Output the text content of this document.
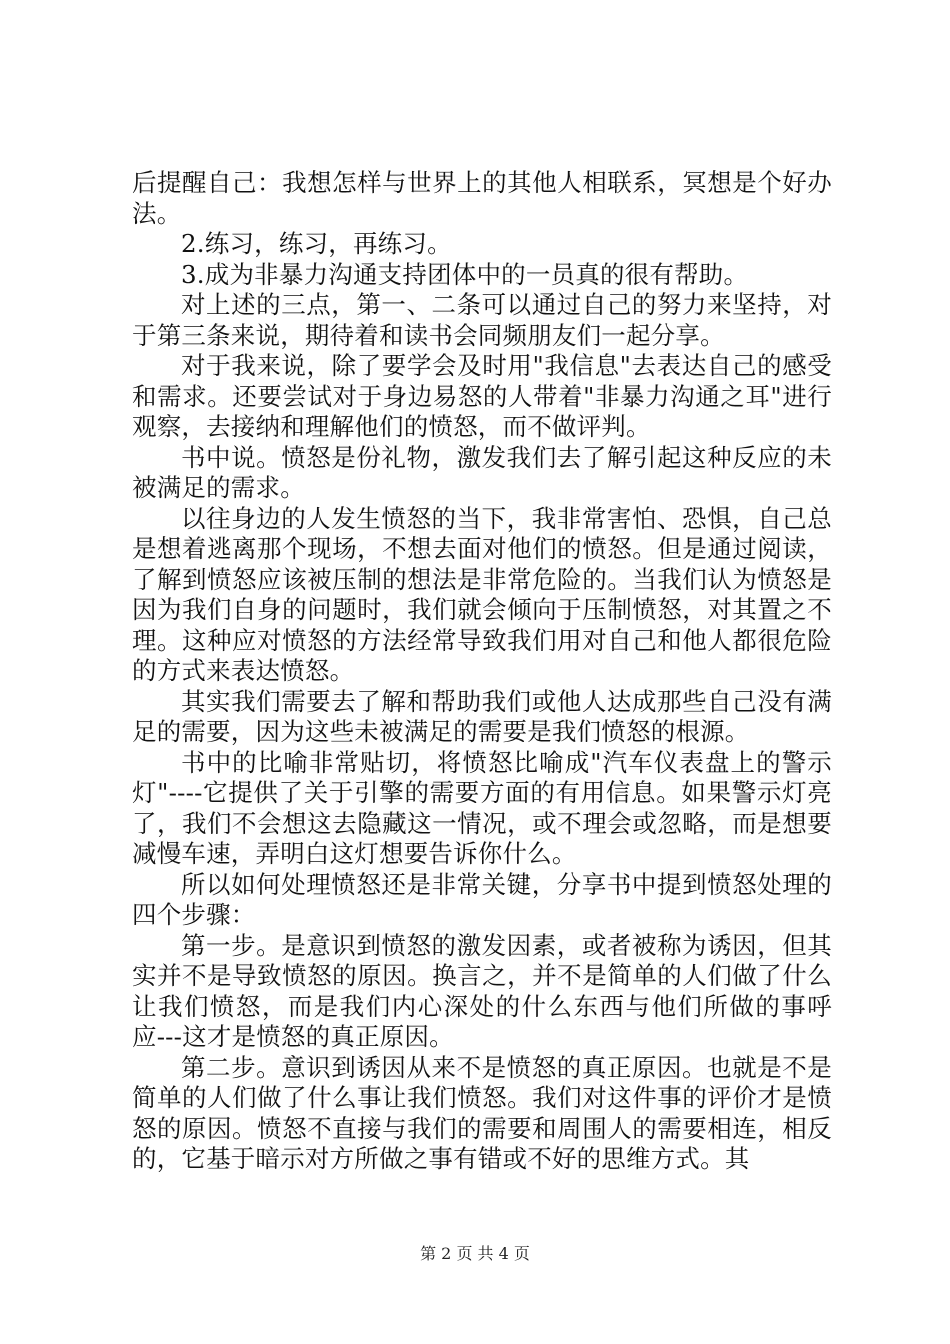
后提醒自己：我想怎样与世界上的其他人相联系，冥想是个好办法。

2.练习，练习，再练习。

3.成为非暴力沟通支持团体中的一员真的很有帮助。

对上述的三点，第一、二条可以通过自己的努力来坚持，对于第三条来说，期待着和读书会同频朋友们一起分享。

对于我来说，除了要学会及时用"我信息"去表达自己的感受和需求。还要尝试对于身边易怒的人带着"非暴力沟通之耳"进行观察，去接纳和理解他们的愤怒，而不做评判。

书中说。愤怒是份礼物，激发我们去了解引起这种反应的未被满足的需求。

以往身边的人发生愤怒的当下，我非常害怕、恐惧，自己总是想着逃离那个现场，不想去面对他们的愤怒。但是通过阅读，了解到愤怒应该被压制的想法是非常危险的。当我们认为愤怒是因为我们自身的问题时，我们就会倾向于压制愤怒，对其置之不理。这种应对愤怒的方法经常导致我们用对自己和他人都很危险的方式来表达愤怒。

其实我们需要去了解和帮助我们或他人达成那些自己没有满足的需要，因为这些未被满足的需要是我们愤怒的根源。

书中的比喻非常贴切，将愤怒比喻成"汽车仪表盘上的警示灯"----它提供了关于引擎的需要方面的有用信息。如果警示灯亮了，我们不会想这去隐藏这一情况，或不理会或忽略，而是想要减慢车速，弄明白这灯想要告诉你什么。

所以如何处理愤怒还是非常关键，分享书中提到愤怒处理的四个步骤：

第一步。是意识到愤怒的激发因素，或者被称为诱因，但其实并不是导致愤怒的原因。换言之，并不是简单的人们做了什么让我们愤怒，而是我们内心深处的什么东西与他们所做的事呼应---这才是愤怒的真正原因。

第二步。意识到诱因从来不是愤怒的真正原因。也就是不是简单的人们做了什么事让我们愤怒。我们对这件事的评价才是愤怒的原因。愤怒不直接与我们的需要和周围人的需要相连，相反的，它基于暗示对方所做之事有错或不好的思维方式。其

第 2 页 共 4 页
